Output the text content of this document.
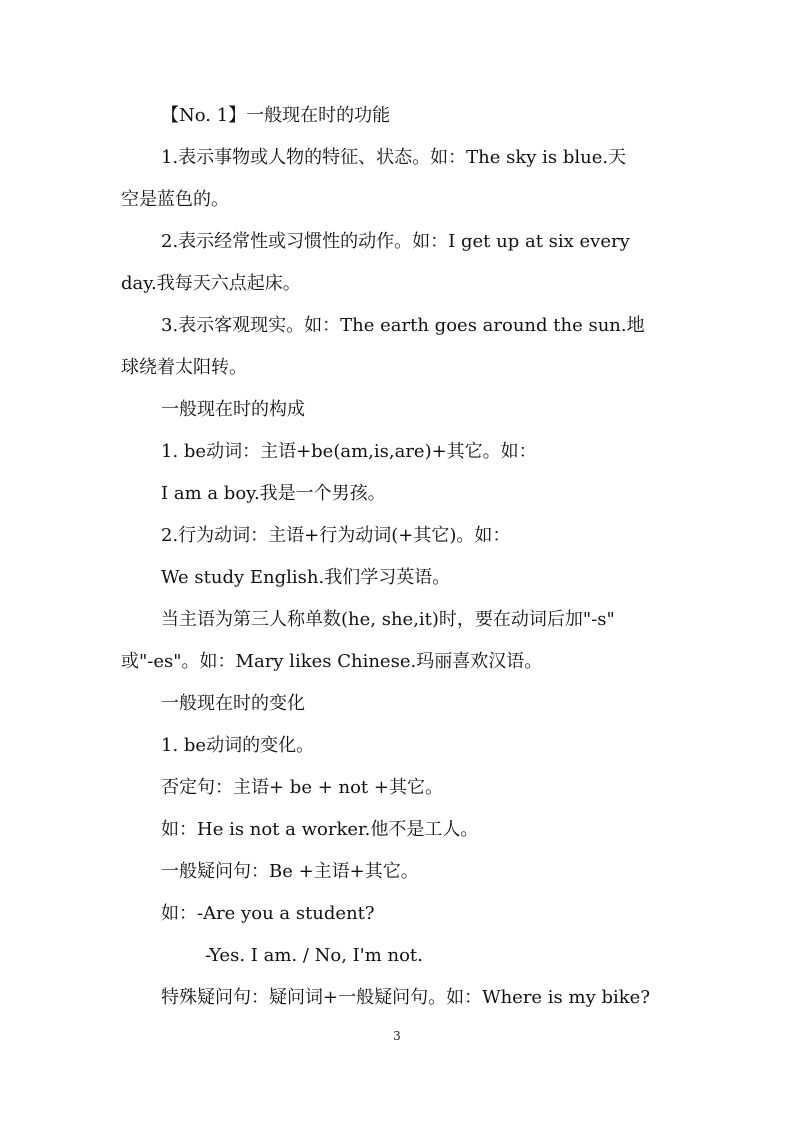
【No. 1】一般现在时的功能
1.表示事物或人物的特征、状态。如：The sky is blue.天
空是蓝色的。
2.表示经常性或习惯性的动作。如：I get up at six every
day.我每天六点起床。
3.表示客观现实。如：The earth goes around the sun.地
球绕着太阳转。
一般现在时的构成
1. be动词：主语+be(am,is,are)+其它。如：
I am a boy.我是一个男孩。
2.行为动词：主语+行为动词(+其它)。如：
We study English.我们学习英语。
当主语为第三人称单数(he, she,it)时，要在动词后加"-s"
或"-es"。如：Mary likes Chinese.玛丽喜欢汉语。
一般现在时的变化
1. be动词的变化。
否定句：主语+ be + not +其它。
如：He is not a worker.他不是工人。
一般疑问句：Be +主语+其它。
如：-Are you a student?
-Yes. I am. / No, I'm not.
特殊疑问句：疑问词+一般疑问句。如：Where is my bike?
3
